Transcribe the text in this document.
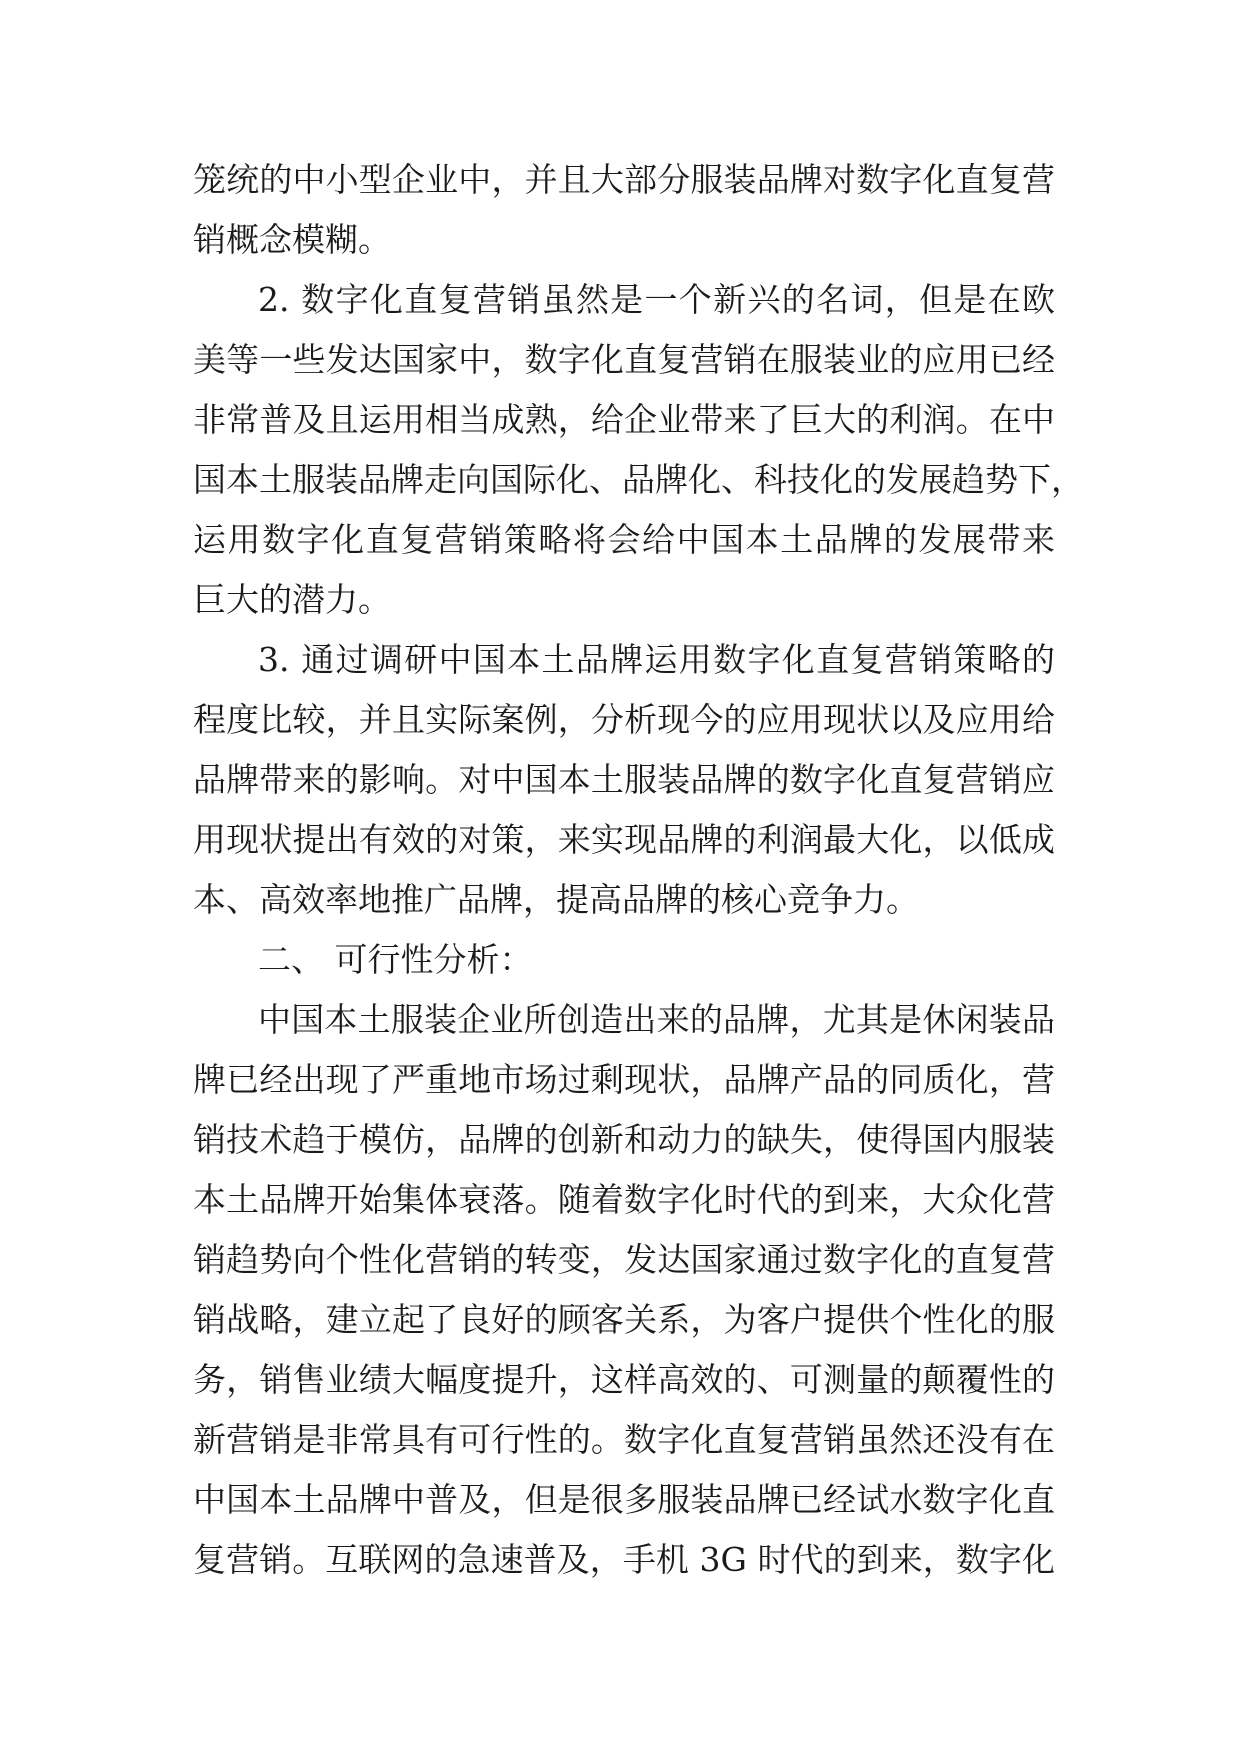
笼统的中小型企业中，并且大部分服装品牌对数字化直复营
销概念模糊。
2. 数字化直复营销虽然是一个新兴的名词，但是在欧
美等一些发达国家中，数字化直复营销在服装业的应用已经
非常普及且运用相当成熟，给企业带来了巨大的利润。在中
国本土服装品牌走向国际化、品牌化、科技化的发展趋势下，
运用数字化直复营销策略将会给中国本土品牌的发展带来
巨大的潜力。
3. 通过调研中国本土品牌运用数字化直复营销策略的
程度比较，并且实际案例，分析现今的应用现状以及应用给
品牌带来的影响。对中国本土服装品牌的数字化直复营销应
用现状提出有效的对策，来实现品牌的利润最大化，以低成
本、高效率地推广品牌，提高品牌的核心竞争力。
二、 可行性分析：
中国本土服装企业所创造出来的品牌，尤其是休闲装品
牌已经出现了严重地市场过剩现状，品牌产品的同质化，营
销技术趋于模仿，品牌的创新和动力的缺失，使得国内服装
本土品牌开始集体衰落。随着数字化时代的到来，大众化营
销趋势向个性化营销的转变，发达国家通过数字化的直复营
销战略，建立起了良好的顾客关系，为客户提供个性化的服
务，销售业绩大幅度提升，这样高效的、可测量的颠覆性的
新营销是非常具有可行性的。数字化直复营销虽然还没有在
中国本土品牌中普及，但是很多服装品牌已经试水数字化直
复营销。互联网的急速普及，手机 3G 时代的到来，数字化
